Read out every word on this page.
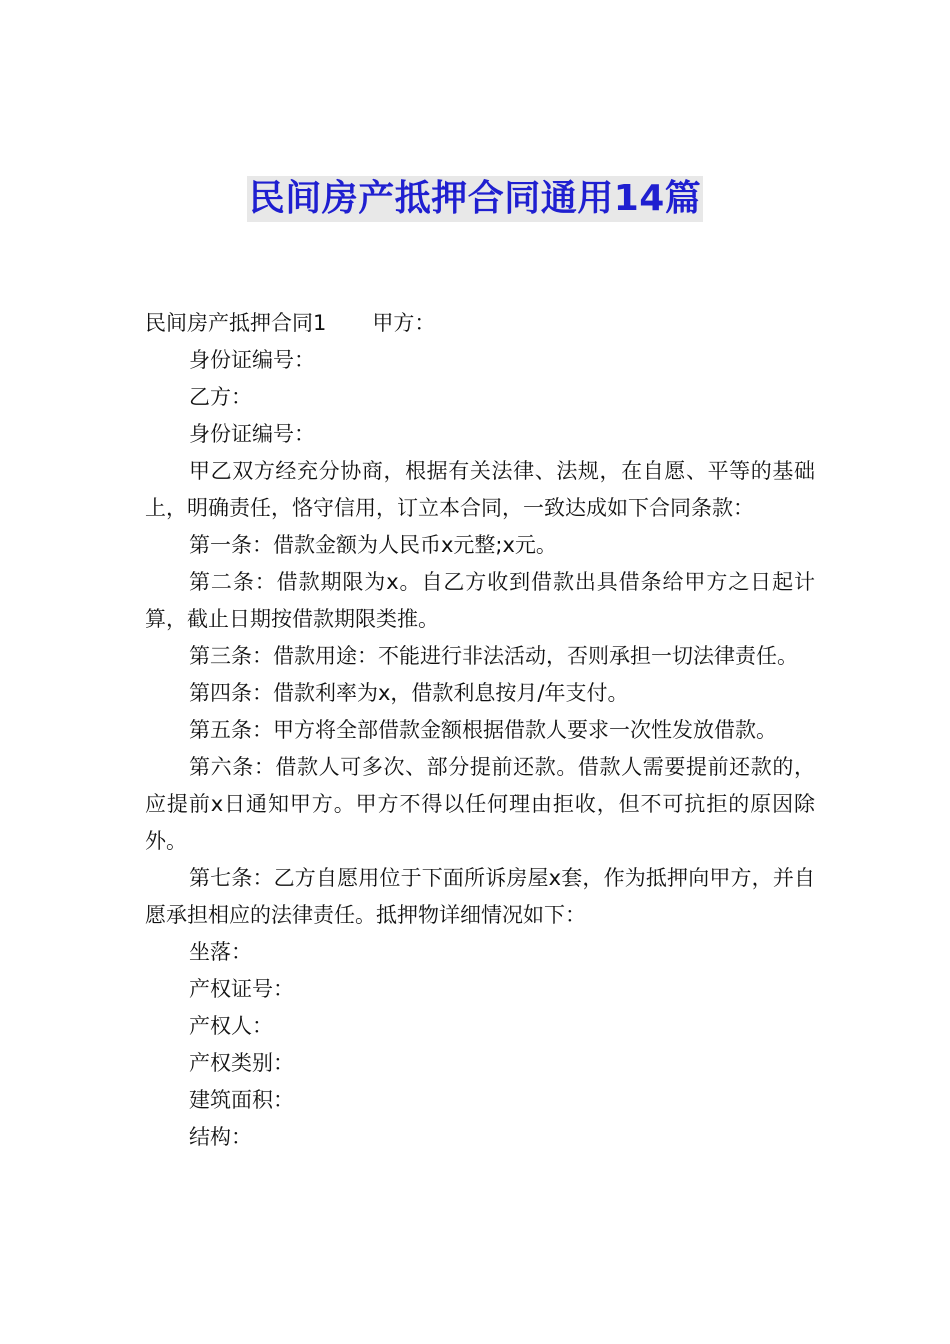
民间房产抵押合同通用14篇

民间房产抵押合同1 甲方：

身份证编号：

乙方：

身份证编号：

甲乙双方经充分协商，根据有关法律、法规，在自愿、平等的基础上，明确责任，恪守信用，订立本合同，一致达成如下合同条款：

第一条：借款金额为人民币x元整;x元。

第二条：借款期限为x。自乙方收到借款出具借条给甲方之日起计算，截止日期按借款期限类推。

第三条：借款用途：不能进行非法活动，否则承担一切法律责任。

第四条：借款利率为x，借款利息按月/年支付。

第五条：甲方将全部借款金额根据借款人要求一次性发放借款。

第六条：借款人可多次、部分提前还款。借款人需要提前还款的，应提前x日通知甲方。甲方不得以任何理由拒收，但不可抗拒的原因除外。

第七条：乙方自愿用位于下面所诉房屋x套，作为抵押向甲方，并自愿承担相应的法律责任。抵押物详细情况如下：

坐落：

产权证号：

产权人：

产权类别：

建筑面积：

结构：
